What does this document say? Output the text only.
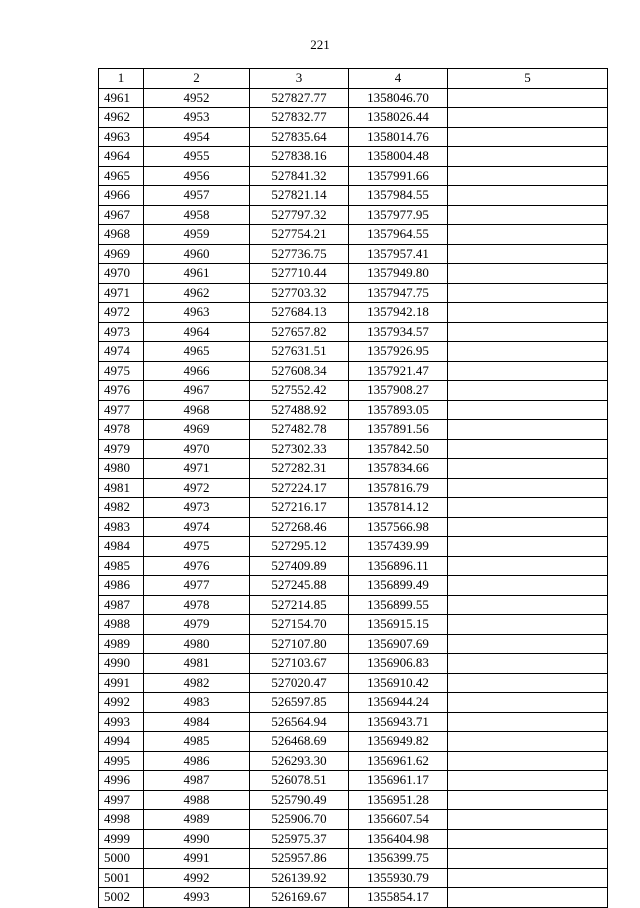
221
1	2	3	4	5
4961	4952	527827.77	1358046.70	
4962	4953	527832.77	1358026.44	
4963	4954	527835.64	1358014.76	
4964	4955	527838.16	1358004.48	
4965	4956	527841.32	1357991.66	
4966	4957	527821.14	1357984.55	
4967	4958	527797.32	1357977.95	
4968	4959	527754.21	1357964.55	
4969	4960	527736.75	1357957.41	
4970	4961	527710.44	1357949.80	
4971	4962	527703.32	1357947.75	
4972	4963	527684.13	1357942.18	
4973	4964	527657.82	1357934.57	
4974	4965	527631.51	1357926.95	
4975	4966	527608.34	1357921.47	
4976	4967	527552.42	1357908.27	
4977	4968	527488.92	1357893.05	
4978	4969	527482.78	1357891.56	
4979	4970	527302.33	1357842.50	
4980	4971	527282.31	1357834.66	
4981	4972	527224.17	1357816.79	
4982	4973	527216.17	1357814.12	
4983	4974	527268.46	1357566.98	
4984	4975	527295.12	1357439.99	
4985	4976	527409.89	1356896.11	
4986	4977	527245.88	1356899.49	
4987	4978	527214.85	1356899.55	
4988	4979	527154.70	1356915.15	
4989	4980	527107.80	1356907.69	
4990	4981	527103.67	1356906.83	
4991	4982	527020.47	1356910.42	
4992	4983	526597.85	1356944.24	
4993	4984	526564.94	1356943.71	
4994	4985	526468.69	1356949.82	
4995	4986	526293.30	1356961.62	
4996	4987	526078.51	1356961.17	
4997	4988	525790.49	1356951.28	
4998	4989	525906.70	1356607.54	
4999	4990	525975.37	1356404.98	
5000	4991	525957.86	1356399.75	
5001	4992	526139.92	1355930.79	
5002	4993	526169.67	1355854.17	
